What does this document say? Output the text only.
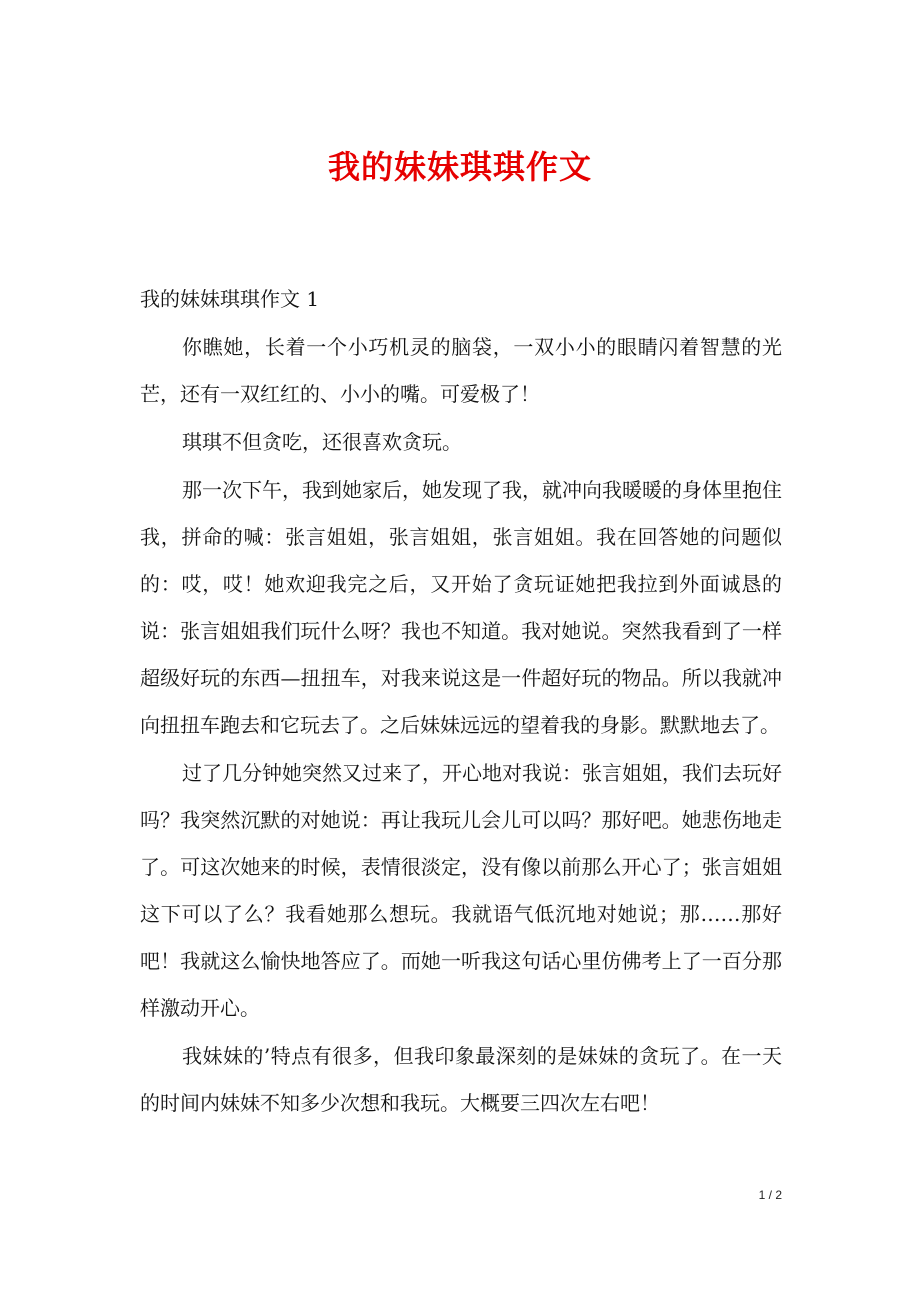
我的妹妹琪琪作文

我的妹妹琪琪作文 1

你瞧她，长着一个小巧机灵的脑袋，一双小小的眼睛闪着智慧的光芒，还有一双红红的、小小的嘴。可爱极了！

琪琪不但贪吃，还很喜欢贪玩。

那一次下午，我到她家后，她发现了我，就冲向我暖暖的身体里抱住我，拼命的喊：张言姐姐，张言姐姐，张言姐姐。我在回答她的问题似的：哎，哎！她欢迎我完之后，又开始了贪玩证她把我拉到外面诚恳的说：张言姐姐我们玩什么呀？我也不知道。我对她说。突然我看到了一样超级好玩的东西—扭扭车，对我来说这是一件超好玩的物品。所以我就冲向扭扭车跑去和它玩去了。之后妹妹远远的望着我的身影。默默地去了。

过了几分钟她突然又过来了，开心地对我说：张言姐姐，我们去玩好吗？我突然沉默的对她说：再让我玩儿会儿可以吗？那好吧。她悲伤地走了。可这次她来的时候，表情很淡定，没有像以前那么开心了；张言姐姐这下可以了么？我看她那么想玩。我就语气低沉地对她说；那……那好吧！我就这么愉快地答应了。而她一听我这句话心里仿佛考上了一百分那样激动开心。

我妹妹的’特点有很多，但我印象最深刻的是妹妹的贪玩了。在一天的时间内妹妹不知多少次想和我玩。大概要三四次左右吧！

1 / 2
